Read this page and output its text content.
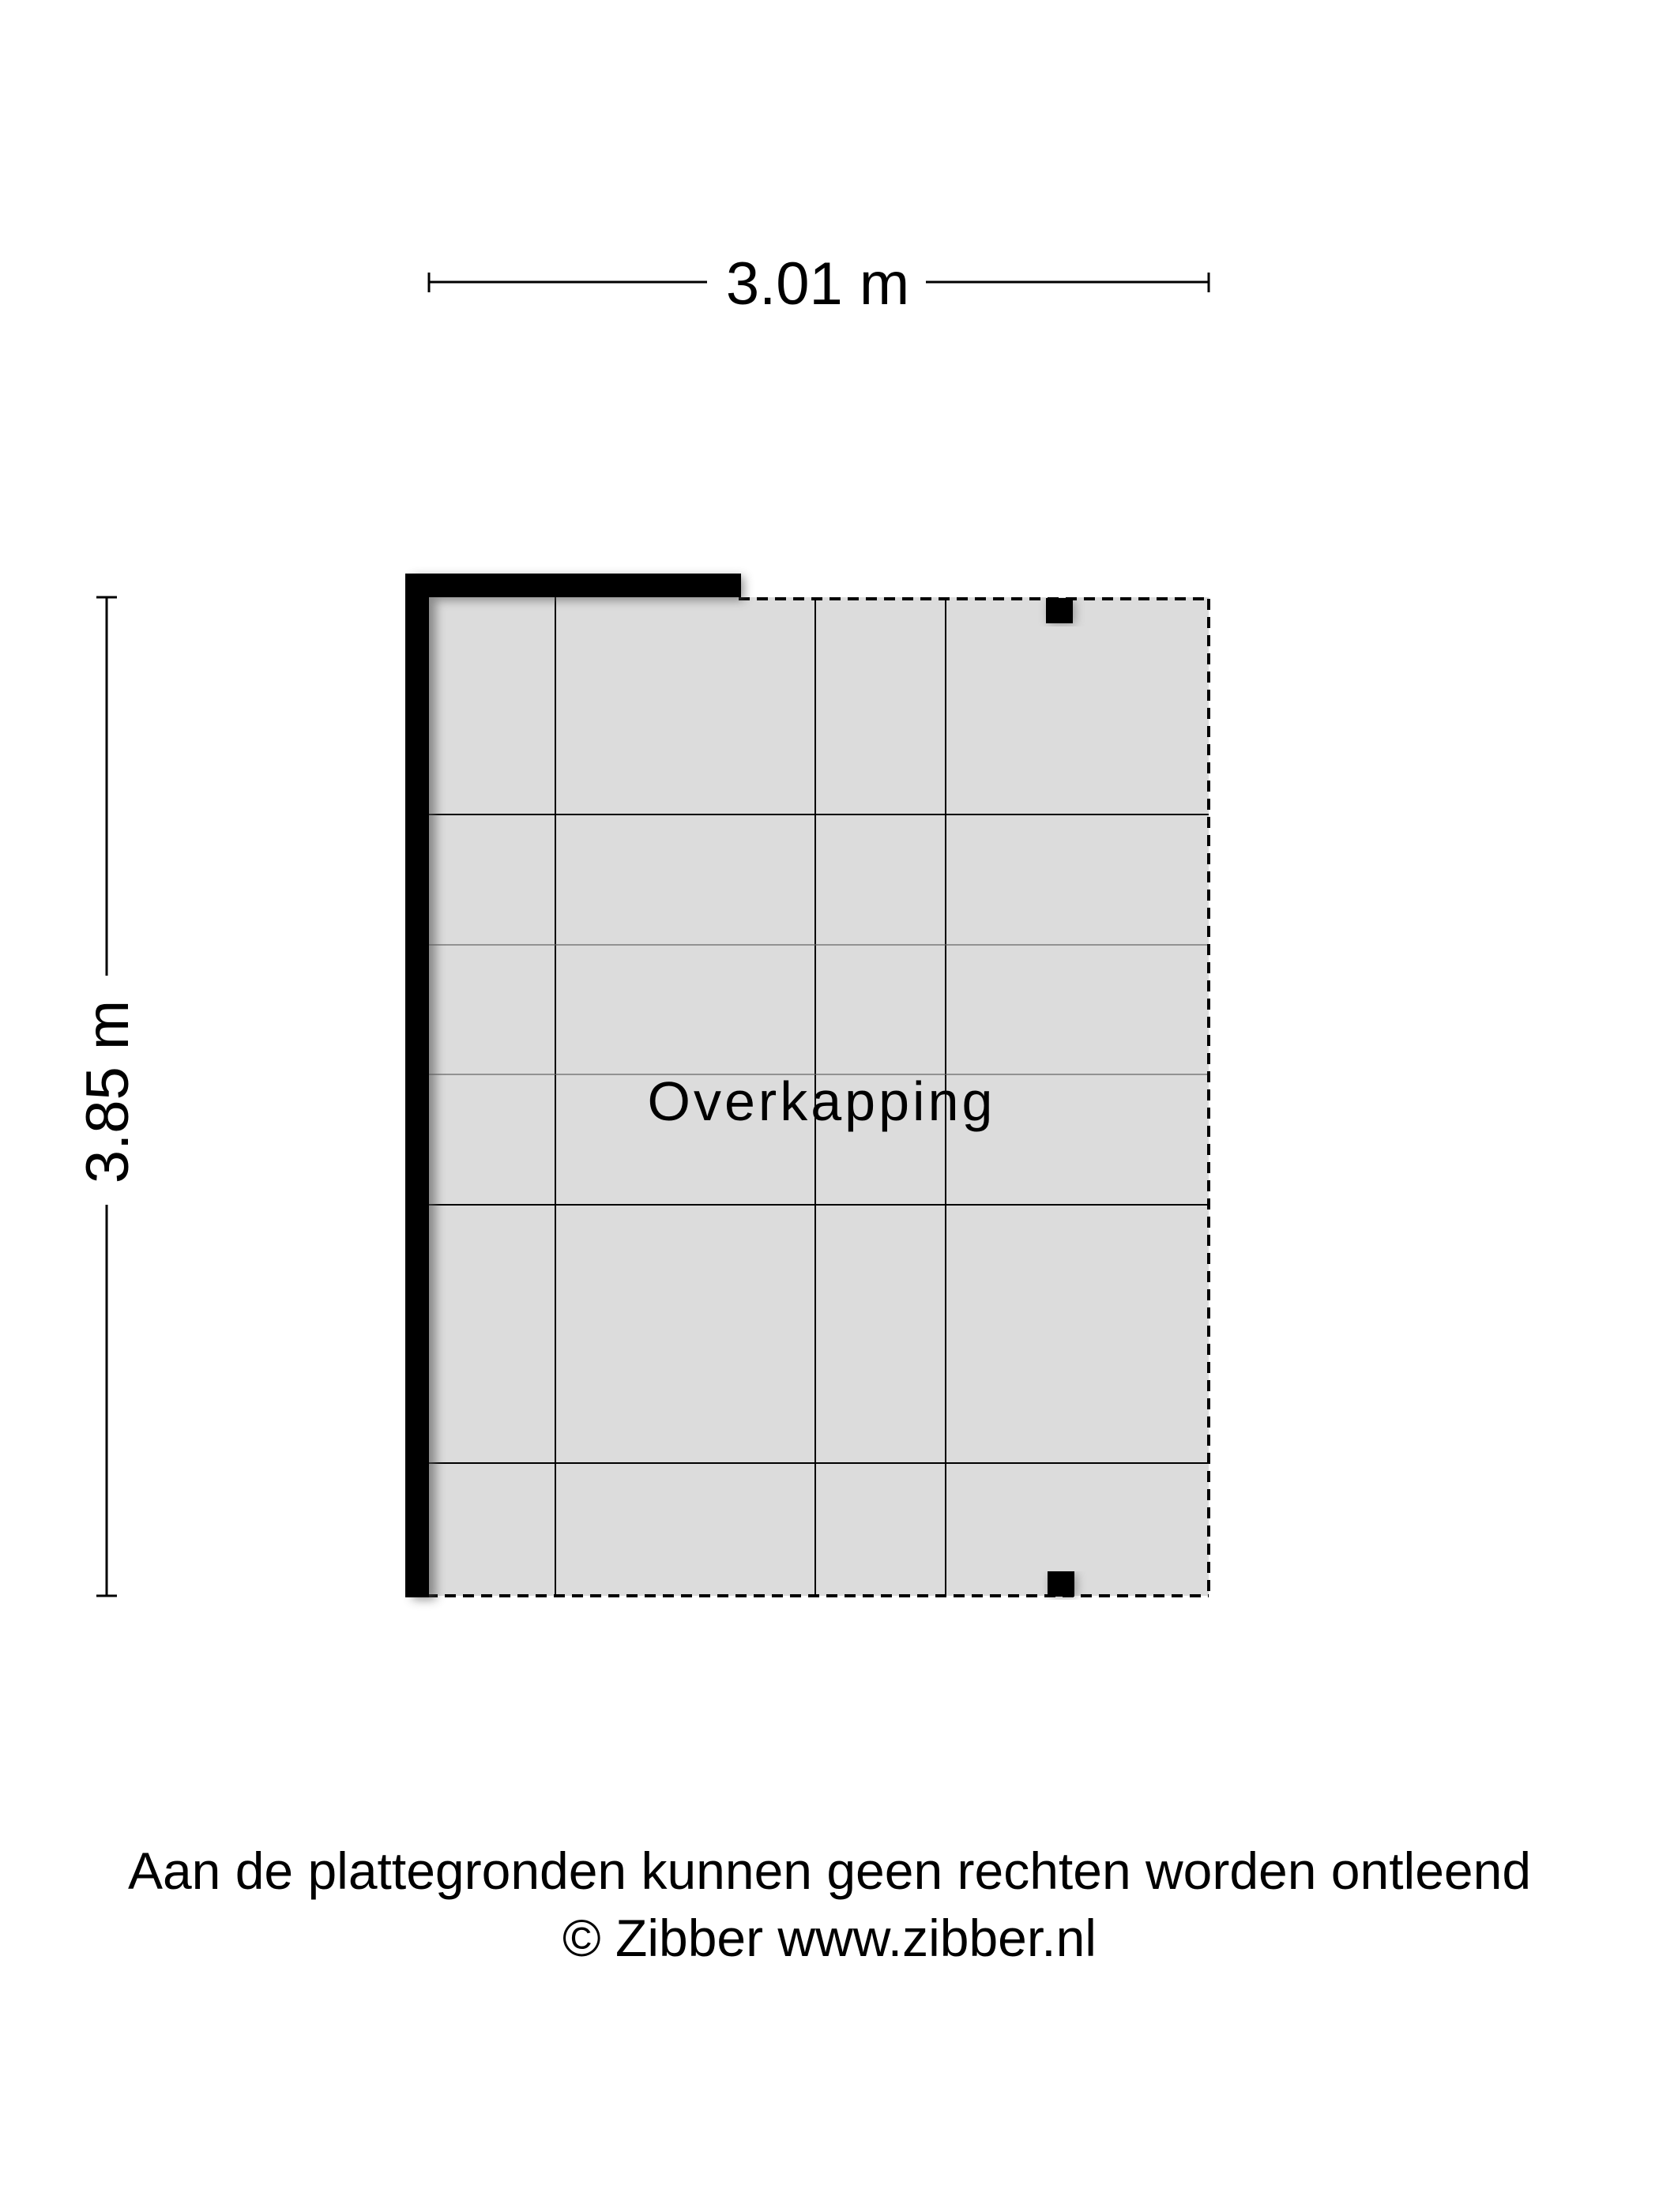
3.01 m
3.85 m	Overkapping
Aan de plattegronden kunnen geen rechten worden ontleend
© Zibber www.zibber.nl
